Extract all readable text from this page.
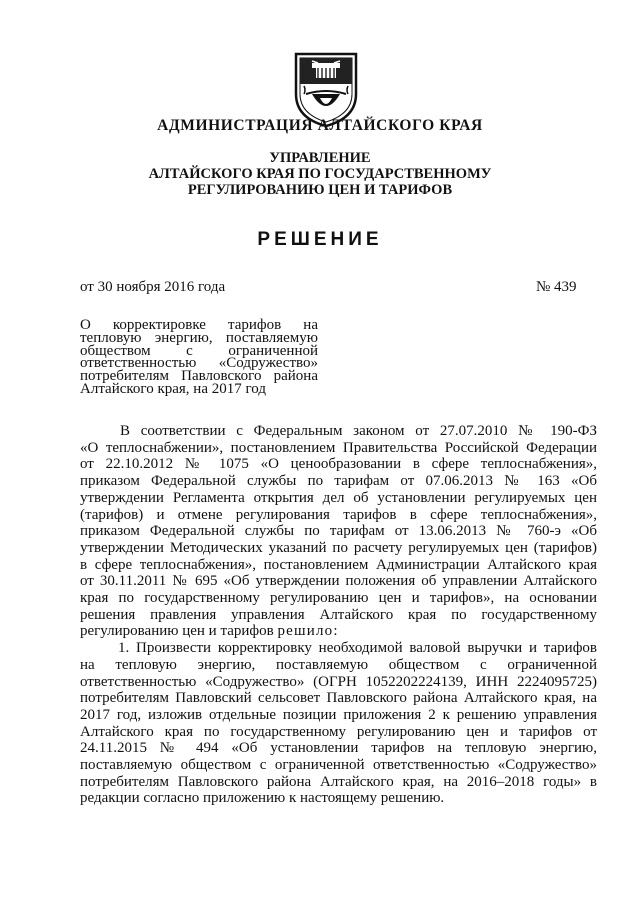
АДМИНИСТРАЦИЯ АЛТАЙСКОГО КРАЯ
УПРАВЛЕНИЕ
АЛТАЙСКОГО КРАЯ ПО ГОСУДАРСТВЕННОМУ
РЕГУЛИРОВАНИЮ ЦЕН И ТАРИФОВ
РЕШЕНИЕ
от 30 ноября 2016 года	№ 439
О корректировке тарифов на
тепловую энергию, поставляемую
обществом с ограниченной
ответственностью «Содружество»
потребителям Павловского района
Алтайского края, на 2017 год
В соответствии с Федеральным законом от 27.07.2010 № 190-ФЗ
«О теплоснабжении», постановлением Правительства Российской Федерации
от 22.10.2012 № 1075 «О ценообразовании в сфере теплоснабжения»,
приказом Федеральной службы по тарифам от 07.06.2013 № 163 «Об
утверждении Регламента открытия дел об установлении регулируемых цен
(тарифов) и отмене регулирования тарифов в сфере теплоснабжения»,
приказом Федеральной службы по тарифам от 13.06.2013 № 760-э «Об
утверждении Методических указаний по расчету регулируемых цен (тарифов)
в сфере теплоснабжения», постановлением Администрации Алтайского края
от 30.11.2011 № 695 «Об утверждении положения об управлении Алтайского
края по государственному регулированию цен и тарифов», на основании
решения правления управления Алтайского края по государственному
регулированию цен и тарифов решило:
1. Произвести корректировку необходимой валовой выручки и тарифов
на тепловую энергию, поставляемую обществом с ограниченной
ответственностью «Содружество» (ОГРН 1052202224139, ИНН 2224095725)
потребителям Павловский сельсовет Павловского района Алтайского края, на
2017 год, изложив отдельные позиции приложения 2 к решению управления
Алтайского края по государственному регулированию цен и тарифов от
24.11.2015 № 494 «Об установлении тарифов на тепловую энергию,
поставляемую обществом с ограниченной ответственностью «Содружество»
потребителям Павловского района Алтайского края, на 2016–2018 годы» в
редакции согласно приложению к настоящему решению.
